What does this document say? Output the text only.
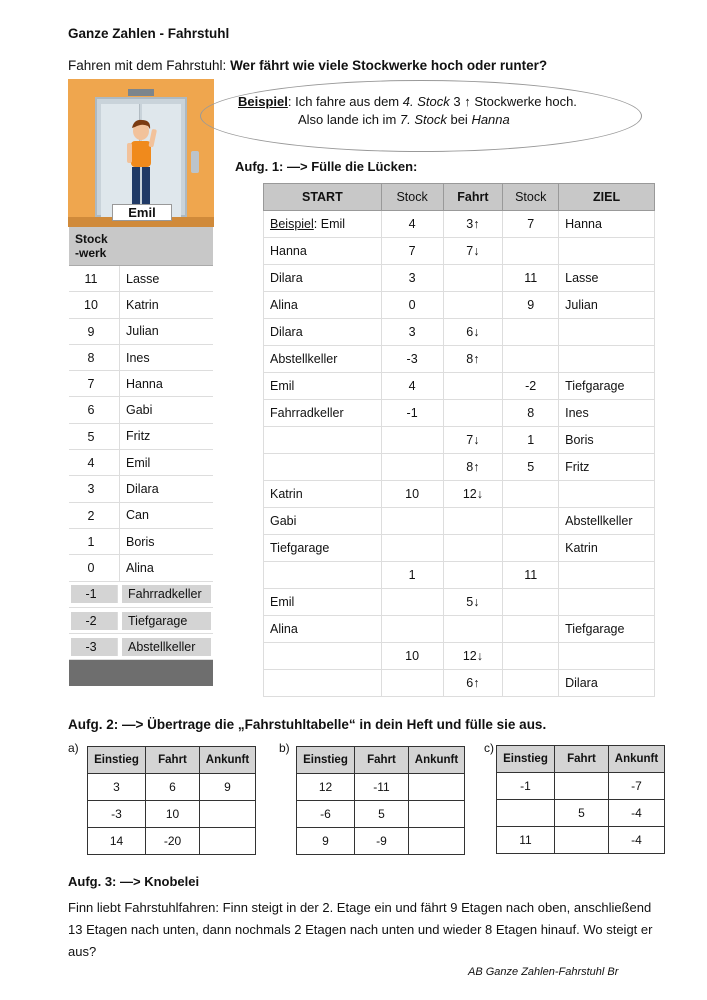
Ganze Zahlen - Fahrstuhl
Fahren mit dem Fahrstuhl: Wer fährt wie viele Stockwerke hoch oder runter?
Emil
Stock
-werk
11	Lasse
10	Katrin
9	Julian
8	Ines
7	Hanna
6	Gabi
5	Fritz
4	Emil
3	Dilara
2	Can
1	Boris
0	Alina
-1	Fahrradkeller
-2	Tiefgarage
-3	Abstellkeller
Beispiel: Ich fahre aus dem 4. Stock 3 ↑ Stockwerke hoch.
Also lande ich im 7. Stock bei Hanna
Aufg. 1: —> Fülle die Lücken:
START	Stock	Fahrt	Stock	ZIEL
Beispiel: Emil	4	3↑	7	Hanna
Hanna	7	7↓		
Dilara	3		11	Lasse
Alina	0		9	Julian
Dilara	3	6↓		
Abstellkeller	-3	8↑		
Emil	4		-2	Tiefgarage
Fahrradkeller	-1		8	Ines
		7↓	1	Boris
		8↑	5	Fritz
Katrin	10	12↓		
Gabi				Abstellkeller
Tiefgarage				Katrin
	1		11	
Emil		5↓		
Alina				Tiefgarage
	10	12↓		
		6↑		Dilara
Aufg. 2: —> Übertrage die „Fahrstuhltabelle“ in dein Heft und fülle sie aus.
a)
Einstieg	Fahrt	Ankunft
3	6	9
-3	10	
14	-20	
b)
Einstieg	Fahrt	Ankunft
12	-11	
-6	5	
9	-9	
c)
Einstieg	Fahrt	Ankunft
-1		-7
	5	-4
11		-4
Aufg. 3: —> Knobelei
Finn liebt Fahrstuhlfahren: Finn steigt in der 2. Etage ein und fährt 9 Etagen nach oben, anschließend 13 Etagen nach unten, dann nochmals 2 Etagen nach unten und wieder 8 Etagen hinauf. Wo steigt er aus?
AB Ganze Zahlen-Fahrstuhl Br
